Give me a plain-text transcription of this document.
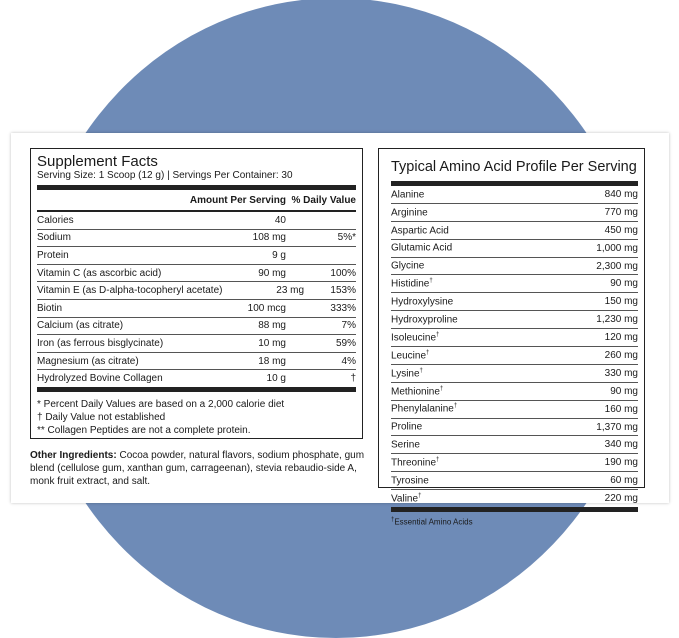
Supplement Facts
Serving Size: 1 Scoop (12 g) | Servings Per Container: 30
Amount Per Serving % Daily Value
Calories	40
Sodium	108 mg	5%*
Protein	9 g
Vitamin C (as ascorbic acid)	90 mg	100%
Vitamin E (as D-alpha-tocopheryl acetate)	23 mg	153%
Biotin	100 mcg	333%
Calcium (as citrate)	88 mg	7%
Iron (as ferrous bisglycinate)	10 mg	59%
Magnesium (as citrate)	18 mg	4%
Hydrolyzed Bovine Collagen	10 g	†
* Percent Daily Values are based on a 2,000 calorie diet
† Daily Value not established
** Collagen Peptides are not a complete protein.
Other Ingredients: Cocoa powder, natural flavors, sodium phosphate, gum blend (cellulose gum, xanthan gum, carrageenan), stevia rebaudio-side A, monk fruit extract, and salt.
Typical Amino Acid Profile Per Serving
Alanine	840 mg
Arginine	770 mg
Aspartic Acid	450 mg
Glutamic Acid	1,000 mg
Glycine	2,300 mg
Histidine†	90 mg
Hydroxylysine	150 mg
Hydroxyproline	1,230 mg
Isoleucine†	120 mg
Leucine†	260 mg
Lysine†	330 mg
Methionine†	90 mg
Phenylalanine†	160 mg
Proline	1,370 mg
Serine	340 mg
Threonine†	190 mg
Tyrosine	60 mg
Valine†	220 mg
†Essential Amino Acids
